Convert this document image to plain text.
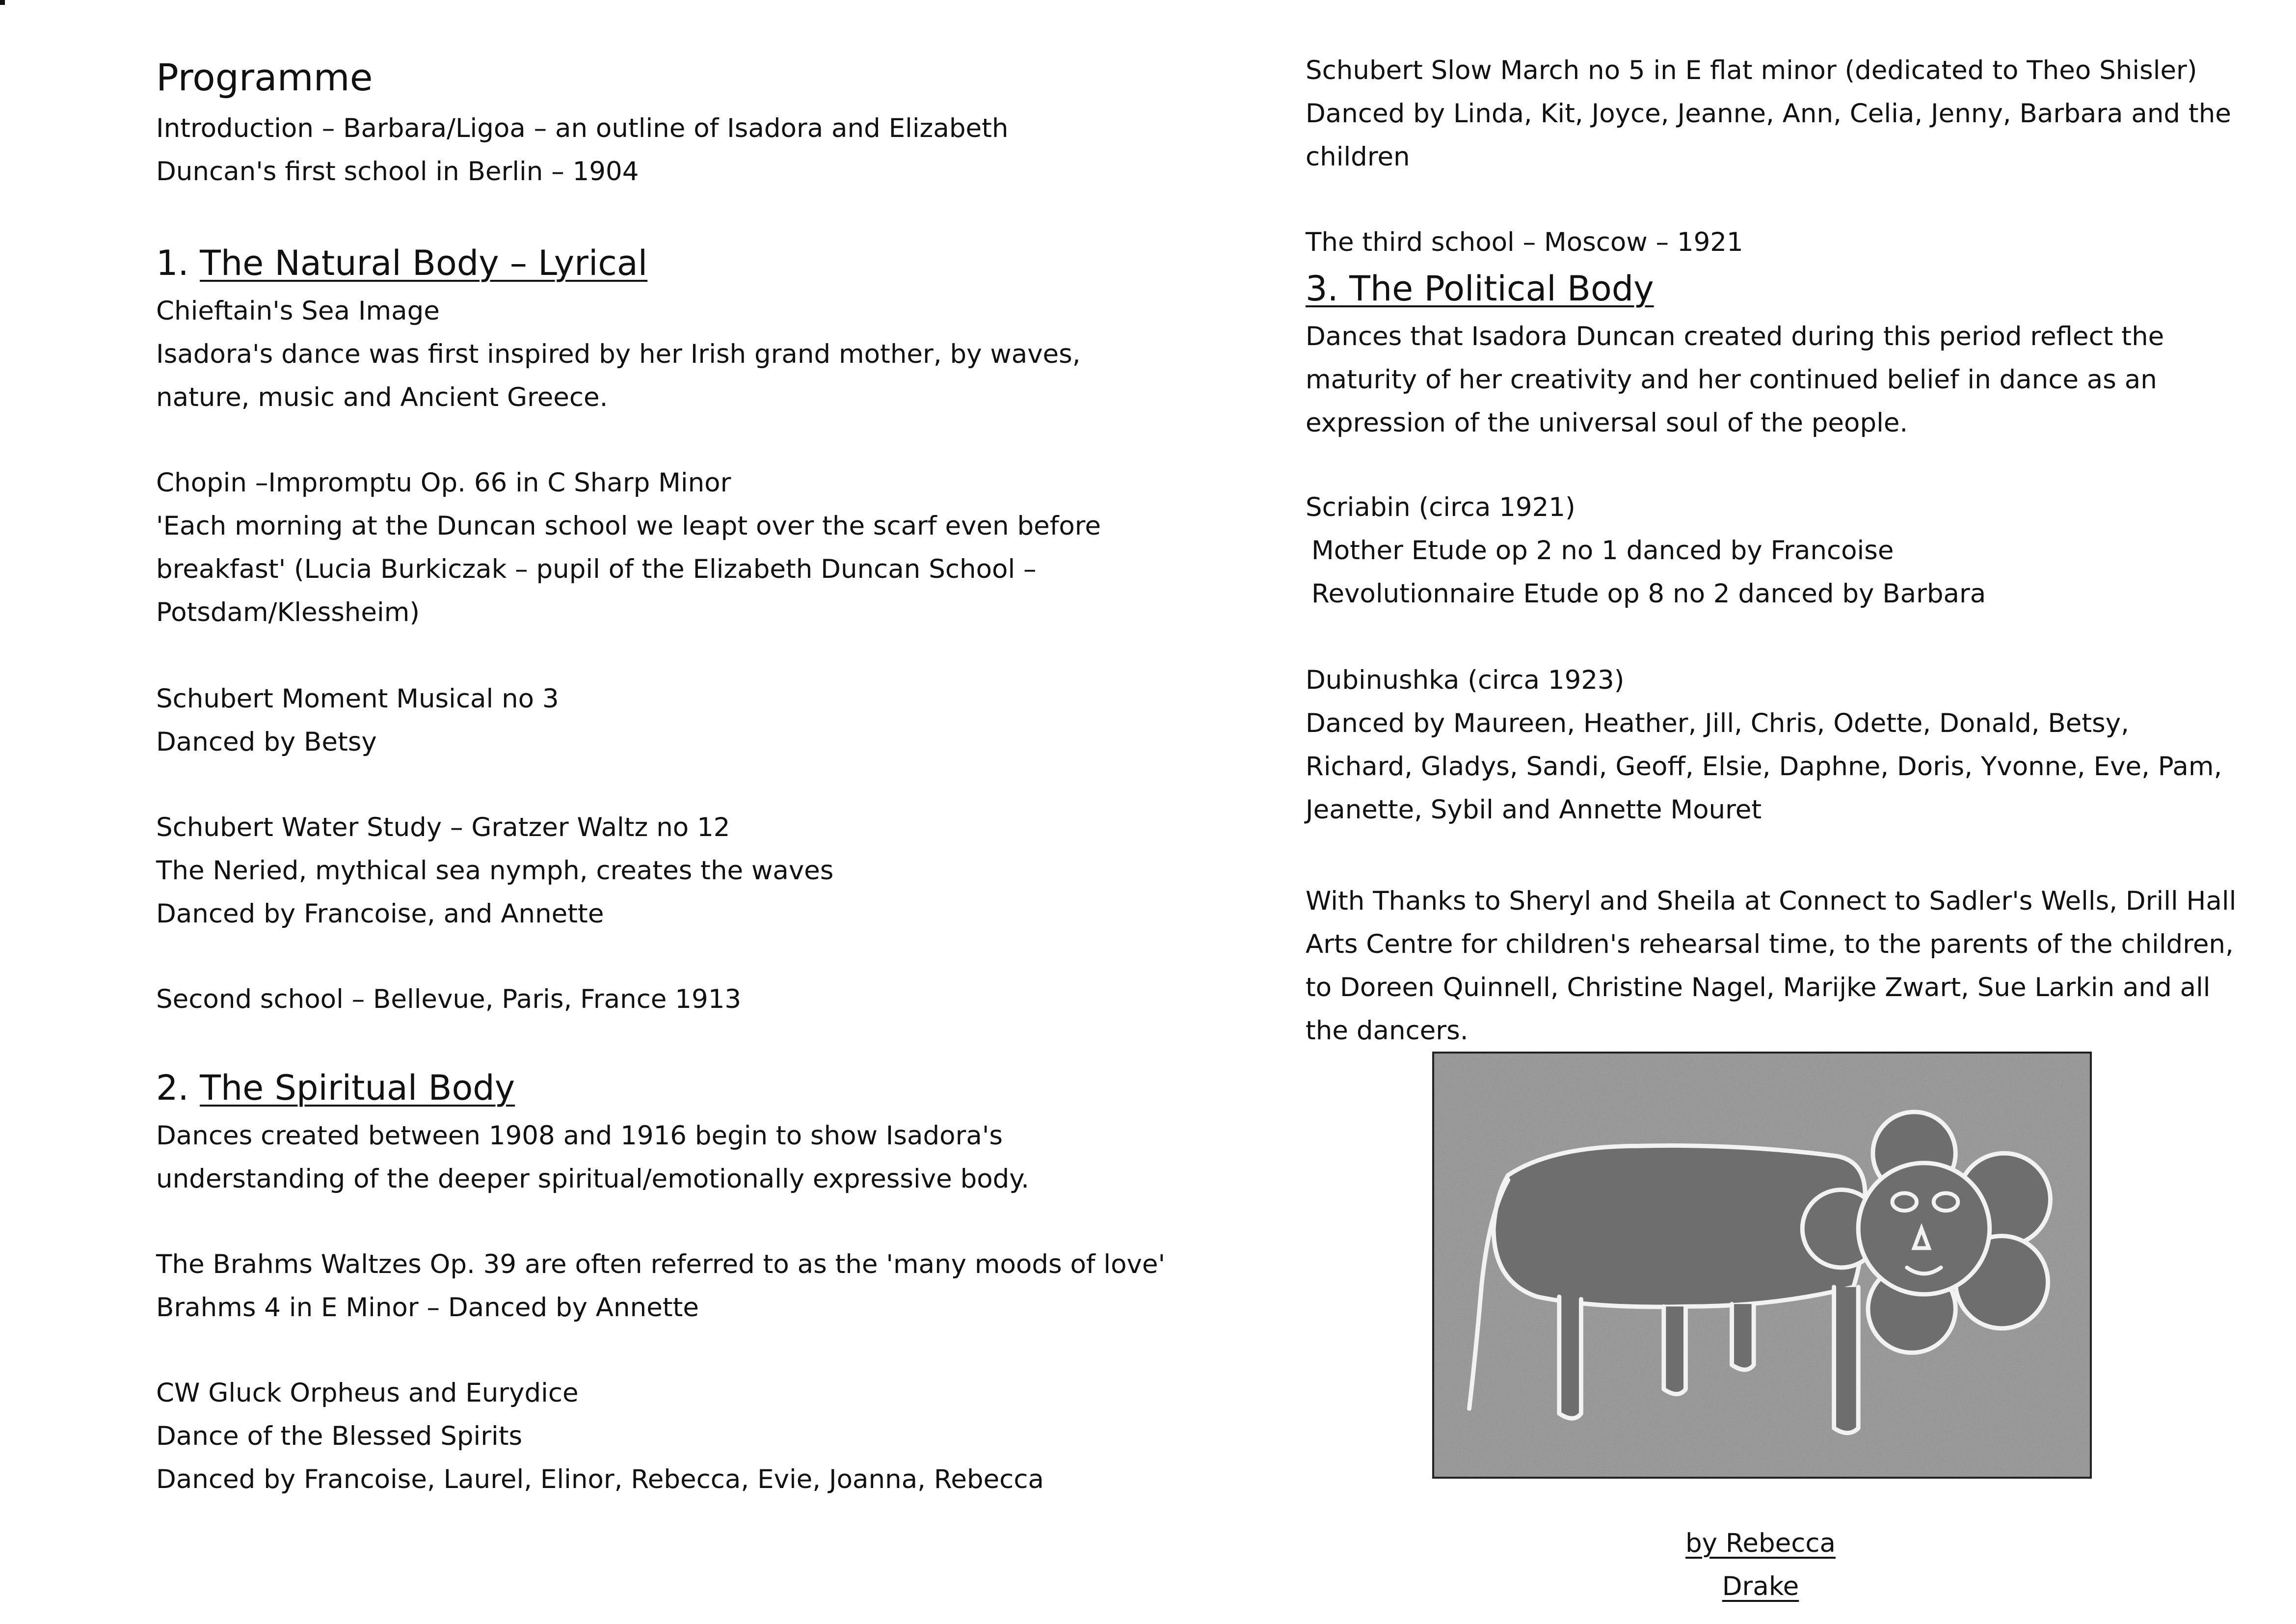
Programme
Introduction – Barbara/Ligoa – an outline of Isadora and Elizabeth Duncan's first school in Berlin – 1904
1. The Natural Body – Lyrical
Chieftain's Sea Image
Isadora's dance was first inspired by her Irish grand mother, by waves, nature, music and Ancient Greece.
Chopin –Impromptu Op. 66 in C Sharp Minor
'Each morning at the Duncan school we leapt over the scarf even before breakfast' (Lucia Burkiczak – pupil of the Elizabeth Duncan School – Potsdam/Klessheim)
Schubert Moment Musical no 3
Danced by Betsy
Schubert Water Study – Gratzer Waltz no 12
The Neried, mythical sea nymph, creates the waves
Danced by Francoise, and Annette
Second school – Bellevue, Paris, France 1913
2. The Spiritual Body
Dances created between 1908 and 1916 begin to show Isadora's understanding of the deeper spiritual/emotionally expressive body.
The Brahms Waltzes Op. 39 are often referred to as the 'many moods of love'
Brahms 4 in E Minor – Danced by Annette
CW Gluck Orpheus and Eurydice
Dance of the Blessed Spirits
Danced by Francoise, Laurel, Elinor, Rebecca, Evie, Joanna, Rebecca
Schubert Slow March no 5 in E flat minor (dedicated to Theo Shisler)
Danced by Linda, Kit, Joyce, Jeanne, Ann, Celia, Jenny, Barbara and the children
The third school – Moscow – 1921
3. The Political Body
Dances that Isadora Duncan created during this period reflect the maturity of her creativity and her continued belief in dance as an expression of the universal soul of the people.
Scriabin (circa 1921)
Mother Etude op 2 no 1 danced by Francoise
Revolutionnaire Etude op 8 no 2 danced by Barbara
Dubinushka (circa 1923)
Danced by Maureen, Heather, Jill, Chris, Odette, Donald, Betsy, Richard, Gladys, Sandi, Geoff, Elsie, Daphne, Doris, Yvonne, Eve, Pam, Jeanette, Sybil and Annette Mouret
With Thanks to Sheryl and Sheila at Connect to Sadler's Wells, Drill Hall Arts Centre for children's rehearsal time, to the parents of the children, to Doreen Quinnell, Christine Nagel, Marijke Zwart, Sue Larkin and all the dancers.
by Rebecca Drake
